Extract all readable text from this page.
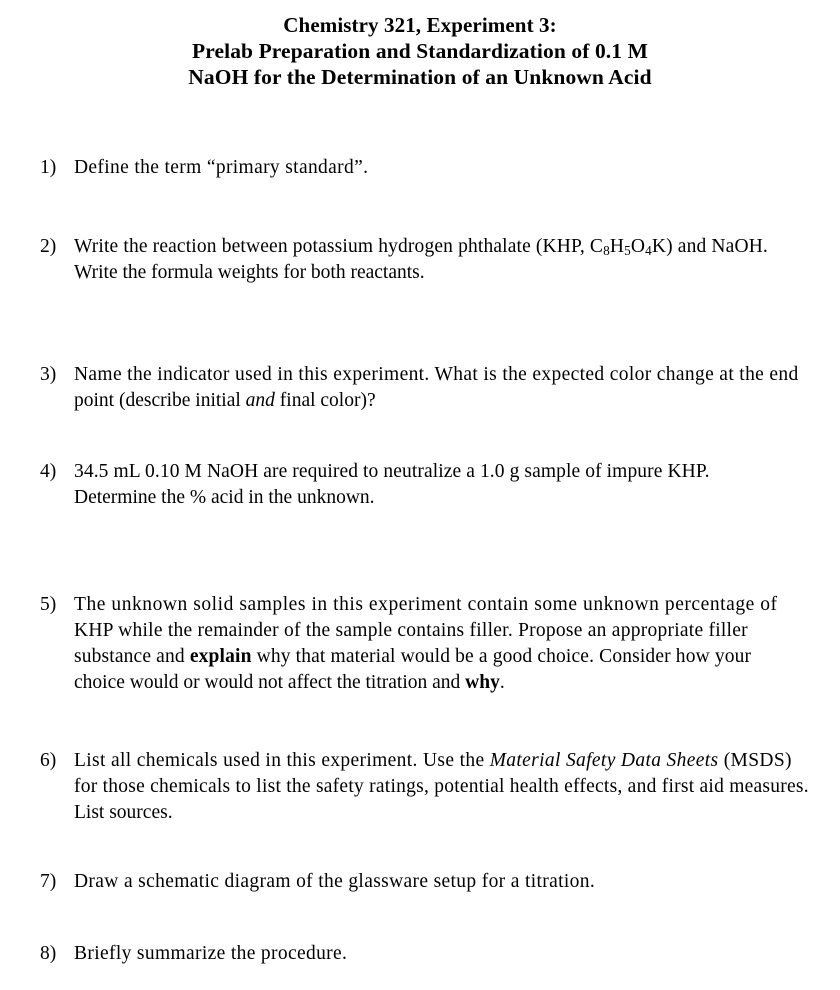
Chemistry 321, Experiment 3:
Prelab Preparation and Standardization of 0.1 M
NaOH for the Determination of an Unknown Acid
1) Define the term “primary standard”.
2) Write the reaction between potassium hydrogen phthalate (KHP, $C_8H_5O_4K$) and NaOH.
Write the formula weights for both reactants.
3) Name the indicator used in this experiment. What is the expected color change at the end
point (describe initial and final color)?
4) 34.5 mL 0.10 M NaOH are required to neutralize a 1.0 g sample of impure KHP.
Determine the % acid in the unknown.
5) The unknown solid samples in this experiment contain some unknown percentage of
KHP while the remainder of the sample contains filler. Propose an appropriate filler
substance and explain why that material would be a good choice. Consider how your
choice would or would not affect the titration and why.
6) List all chemicals used in this experiment. Use the Material Safety Data Sheets (MSDS)
for those chemicals to list the safety ratings, potential health effects, and first aid measures.
List sources.
7) Draw a schematic diagram of the glassware setup for a titration.
8) Briefly summarize the procedure.
